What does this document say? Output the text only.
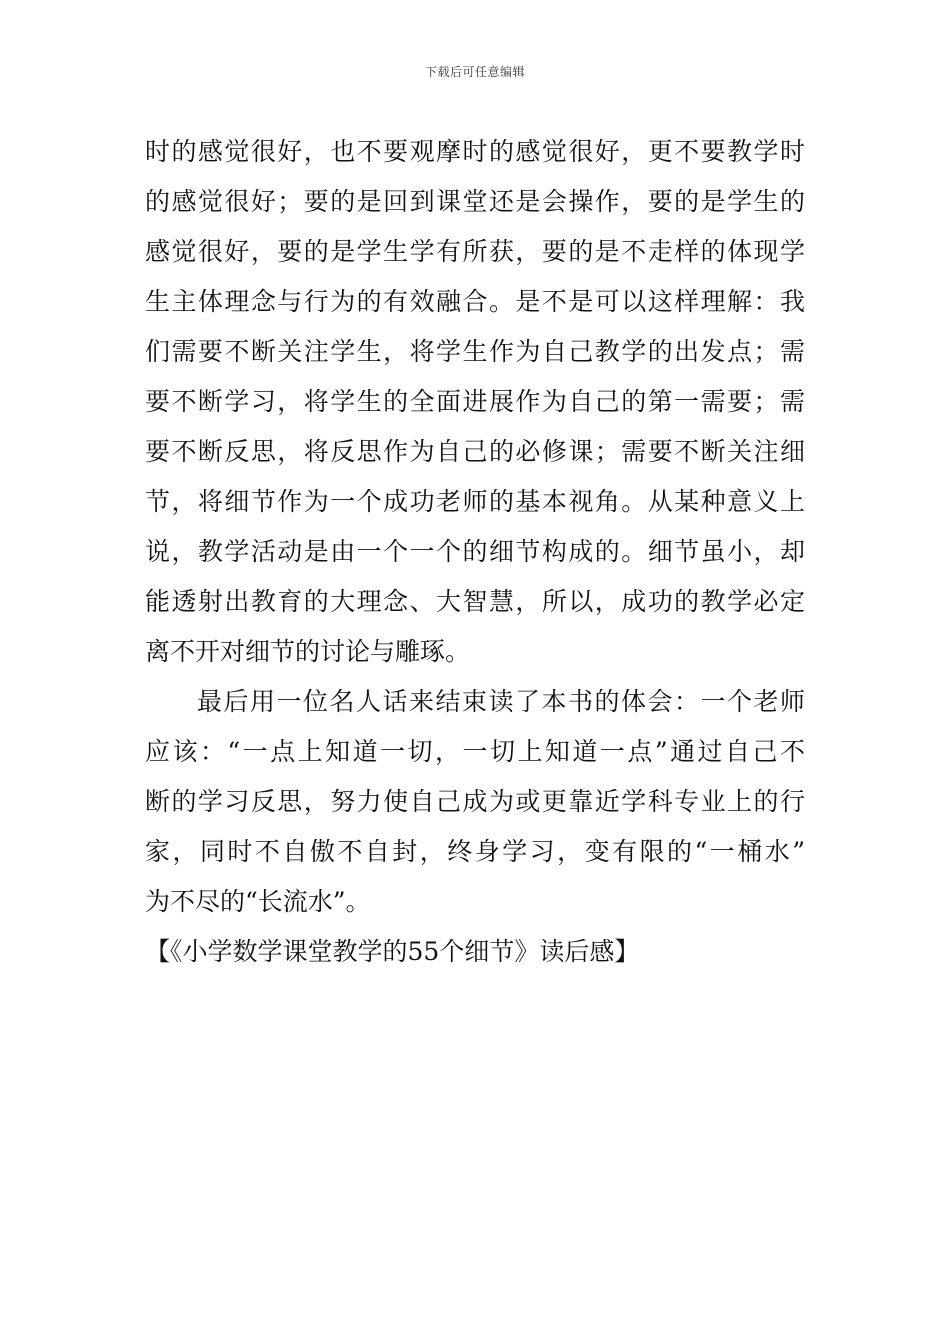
下载后可任意编辑
时的感觉很好，也不要观摩时的感觉很好，更不要教学时
的感觉很好；要的是回到课堂还是会操作，要的是学生的
感觉很好，要的是学生学有所获，要的是不走样的体现学
生主体理念与行为的有效融合。是不是可以这样理解：我
们需要不断关注学生，将学生作为自己教学的出发点；需
要不断学习，将学生的全面进展作为自己的第一需要；需
要不断反思，将反思作为自己的必修课；需要不断关注细
节，将细节作为一个成功老师的基本视角。从某种意义上
说，教学活动是由一个一个的细节构成的。细节虽小，却
能透射出教育的大理念、大智慧，所以，成功的教学必定
离不开对细节的讨论与雕琢。
最后用一位名人话来结束读了本书的体会：一个老师
应该：“一点上知道一切，一切上知道一点”通过自己不
断的学习反思，努力使自己成为或更靠近学科专业上的行
家，同时不自傲不自封，终身学习，变有限的“一桶水”
为不尽的“长流水”。
【《小学数学课堂教学的55个细节》读后感】
